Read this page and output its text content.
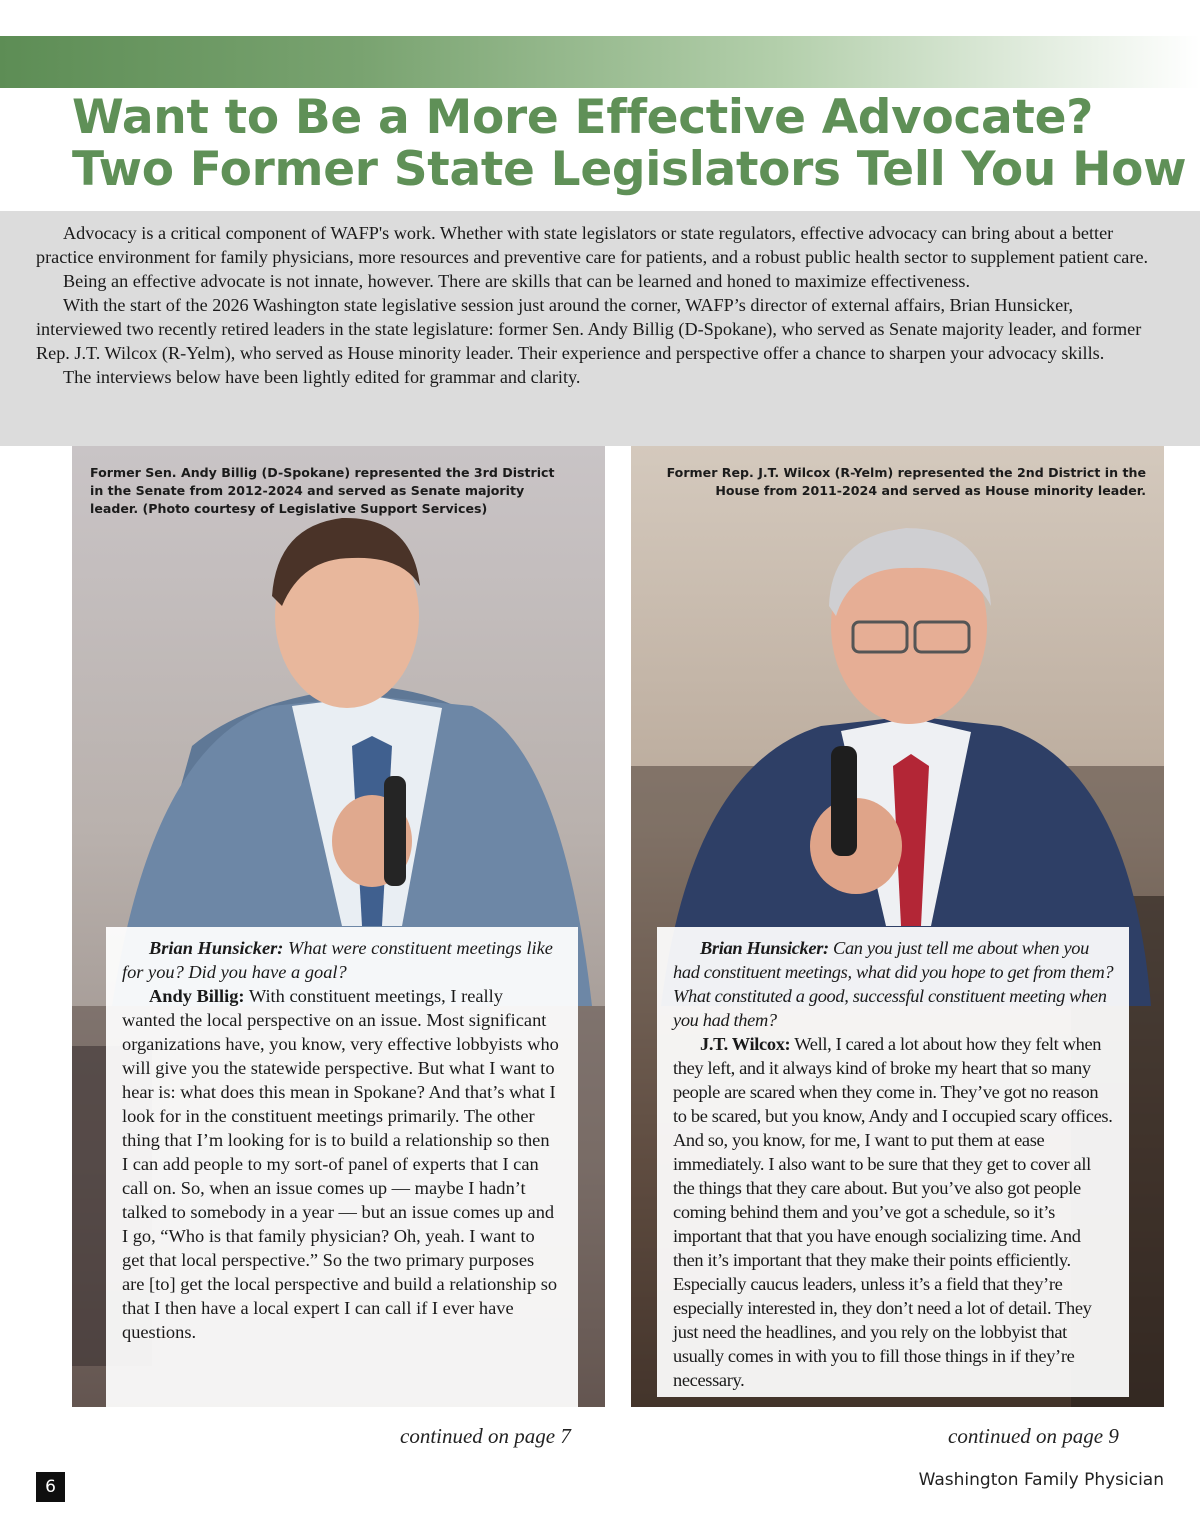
Want to Be a More Effective Advocate?
Two Former State Legislators Tell You How

Advocacy is a critical component of WAFP's work. Whether with state legislators or state regulators, effective advocacy can bring about a better practice environment for family physicians, more resources and preventive care for patients, and a robust public health sector to supplement patient care.

Being an effective advocate is not innate, however. There are skills that can be learned and honed to maximize effectiveness.

With the start of the 2026 Washington state legislative session just around the corner, WAFP’s director of external affairs, Brian Hunsicker, interviewed two recently retired leaders in the state legislature: former Sen. Andy Billig (D-Spokane), who served as Senate majority leader, and former Rep. J.T. Wilcox (R-Yelm), who served as House minority leader. Their experience and perspective offer a chance to sharpen your advocacy skills.

The interviews below have been lightly edited for grammar and clarity.

Former Sen. Andy Billig (D-Spokane) represented the 3rd District in the Senate from 2012-2024 and served as Senate majority leader. (Photo courtesy of Legislative Support Services)
Former Rep. J.T. Wilcox (R-Yelm) represented the 2nd District in the House from 2011-2024 and served as House minority leader.

Brian Hunsicker: What were constituent meetings like for you? Did you have a goal?

Andy Billig: With constituent meetings, I really wanted the local perspective on an issue. Most significant organizations have, you know, very effective lobbyists who will give you the statewide perspective. But what I want to hear is: what does this mean in Spokane? And that’s what I look for in the constituent meetings primarily. The other thing that I’m looking for is to build a relationship so then I can add people to my sort-of panel of experts that I can call on. So, when an issue comes up — maybe I hadn’t talked to somebody in a year — but an issue comes up and I go, “Who is that family physician? Oh, yeah. I want to get that local perspective.” So the two primary purposes are [to] get the local perspective and build a relationship so that I then have a local expert I can call if I ever have questions.

Brian Hunsicker: Can you just tell me about when you had constituent meetings, what did you hope to get from them? What constituted a good, successful constituent meeting when you had them?

J.T. Wilcox: Well, I cared a lot about how they felt when they left, and it always kind of broke my heart that so many people are scared when they come in. They’ve got no reason to be scared, but you know, Andy and I occupied scary offices. And so, you know, for me, I want to put them at ease immediately. I also want to be sure that they get to cover all the things that they care about. But you’ve also got people coming behind them and you’ve got a schedule, so it’s important that that you have enough socializing time. And then it’s important that they make their points efficiently. Especially caucus leaders, unless it’s a field that they’re especially interested in, they don’t need a lot of detail. They just need the headlines, and you rely on the lobbyist that usually comes in with you to fill those things in if they’re necessary.

continued on page 7	continued on page 9
6	Washington Family Physician
